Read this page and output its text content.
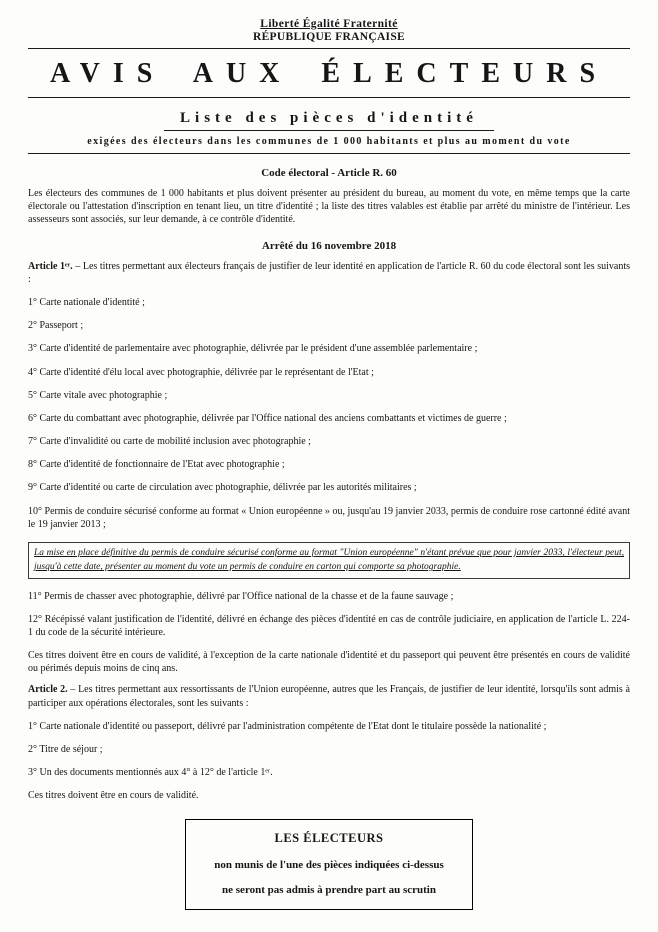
Liberté Égalité Fraternité
RÉPUBLIQUE FRANÇAISE
AVIS AUX ÉLECTEURS
Liste des pièces d'identité
exigées des électeurs dans les communes de 1 000 habitants et plus au moment du vote
Code électoral - Article R. 60

Les électeurs des communes de 1 000 habitants et plus doivent présenter au président du bureau, au moment du vote, en même temps que la carte électorale ou l'attestation d'inscription en tenant lieu, un titre d'identité ; la liste des titres valables est établie par arrêté du ministre de l'intérieur. Les assesseurs sont associés, sur leur demande, à ce contrôle d'identité.

Arrêté du 16 novembre 2018

Article 1ᵉʳ. – Les titres permettant aux électeurs français de justifier de leur identité en application de l'article R. 60 du code électoral sont les suivants :

1° Carte nationale d'identité ;

2° Passeport ;

3° Carte d'identité de parlementaire avec photographie, délivrée par le président d'une assemblée parlementaire ;

4° Carte d'identité d'élu local avec photographie, délivrée par le représentant de l'Etat ;

5° Carte vitale avec photographie ;

6° Carte du combattant avec photographie, délivrée par l'Office national des anciens combattants et victimes de guerre ;

7° Carte d'invalidité ou carte de mobilité inclusion avec photographie ;

8° Carte d'identité de fonctionnaire de l'Etat avec photographie ;

9° Carte d'identité ou carte de circulation avec photographie, délivrée par les autorités militaires ;

10° Permis de conduire sécurisé conforme au format « Union européenne » ou, jusqu'au 19 janvier 2033, permis de conduire rose cartonné édité avant le 19 janvier 2013 ;

La mise en place définitive du permis de conduire sécurisé conforme au format "Union européenne" n'étant prévue que pour janvier 2033, l'électeur peut, jusqu'à cette date, présenter au moment du vote un permis de conduire en carton qui comporte sa photographie.

11° Permis de chasser avec photographie, délivré par l'Office national de la chasse et de la faune sauvage ;

12° Récépissé valant justification de l'identité, délivré en échange des pièces d'identité en cas de contrôle judiciaire, en application de l'article L. 224-1 du code de la sécurité intérieure.

Ces titres doivent être en cours de validité, à l'exception de la carte nationale d'identité et du passeport qui peuvent être présentés en cours de validité ou périmés depuis moins de cinq ans.

Article 2. – Les titres permettant aux ressortissants de l'Union européenne, autres que les Français, de justifier de leur identité, lorsqu'ils sont admis à participer aux opérations électorales, sont les suivants :

1° Carte nationale d'identité ou passeport, délivré par l'administration compétente de l'Etat dont le titulaire possède la nationalité ;

2° Titre de séjour ;

3° Un des documents mentionnés aux 4° à 12° de l'article 1ᵉʳ.

Ces titres doivent être en cours de validité.

LES ÉLECTEURS
non munis de l'une des pièces indiquées ci-dessus
ne seront pas admis à prendre part au scrutin
